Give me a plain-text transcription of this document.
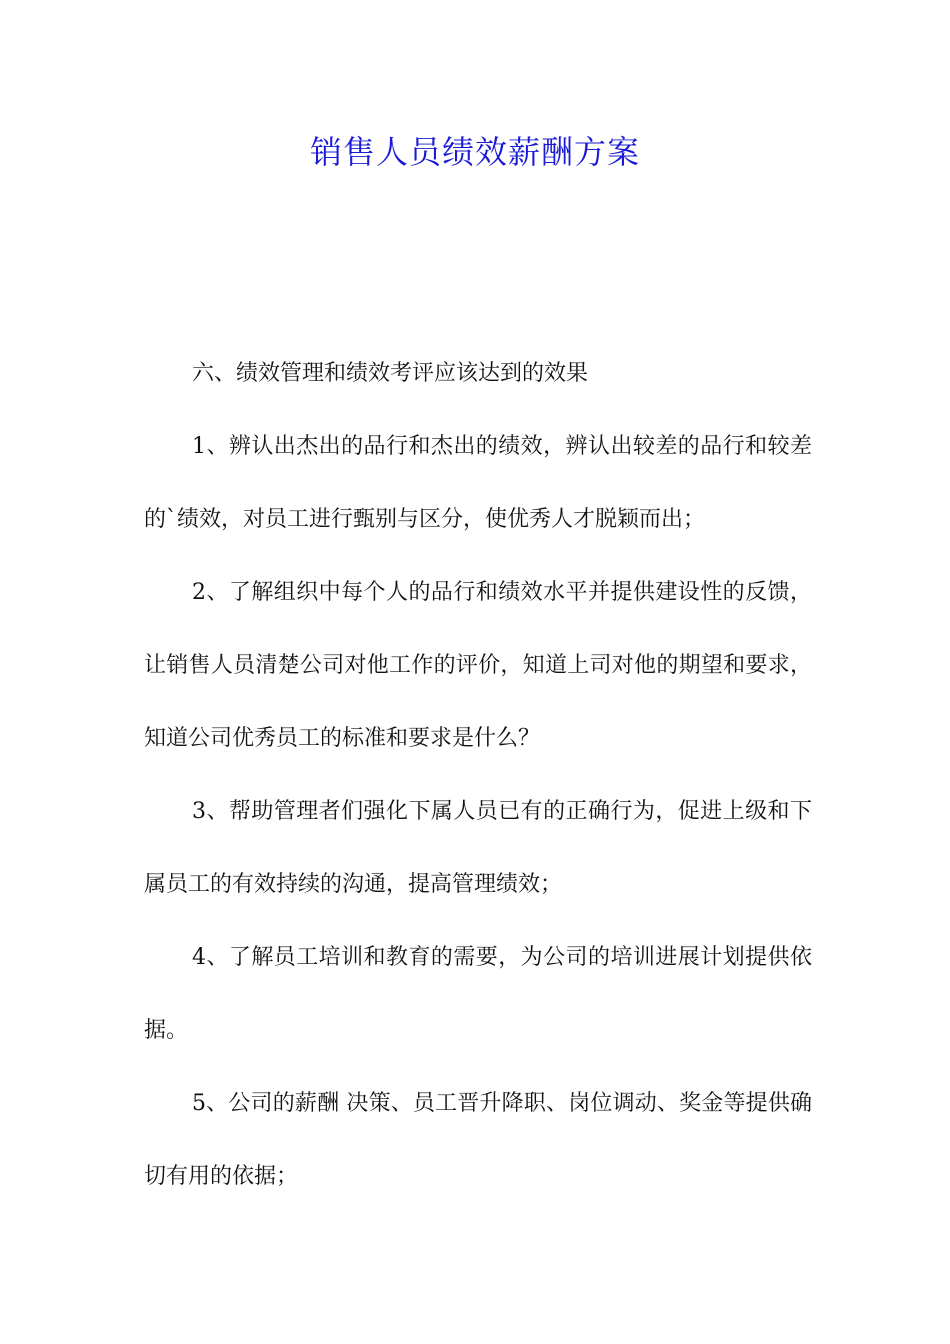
销售人员绩效薪酬方案

六、绩效管理和绩效考评应该达到的效果

1、辨认出杰出的品行和杰出的绩效，辨认出较差的品行和较差的`绩效，对员工进行甄别与区分，使优秀人才脱颖而出；

2、了解组织中每个人的品行和绩效水平并提供建设性的反馈，让销售人员清楚公司对他工作的评价，知道上司对他的期望和要求，知道公司优秀员工的标准和要求是什么？

3、帮助管理者们强化下属人员已有的正确行为，促进上级和下属员工的有效持续的沟通，提高管理绩效；

4、了解员工培训和教育的需要，为公司的培训进展计划提供依据。

5、公司的薪酬 决策、员工晋升降职、岗位调动、奖金等提供确切有用的依据；
